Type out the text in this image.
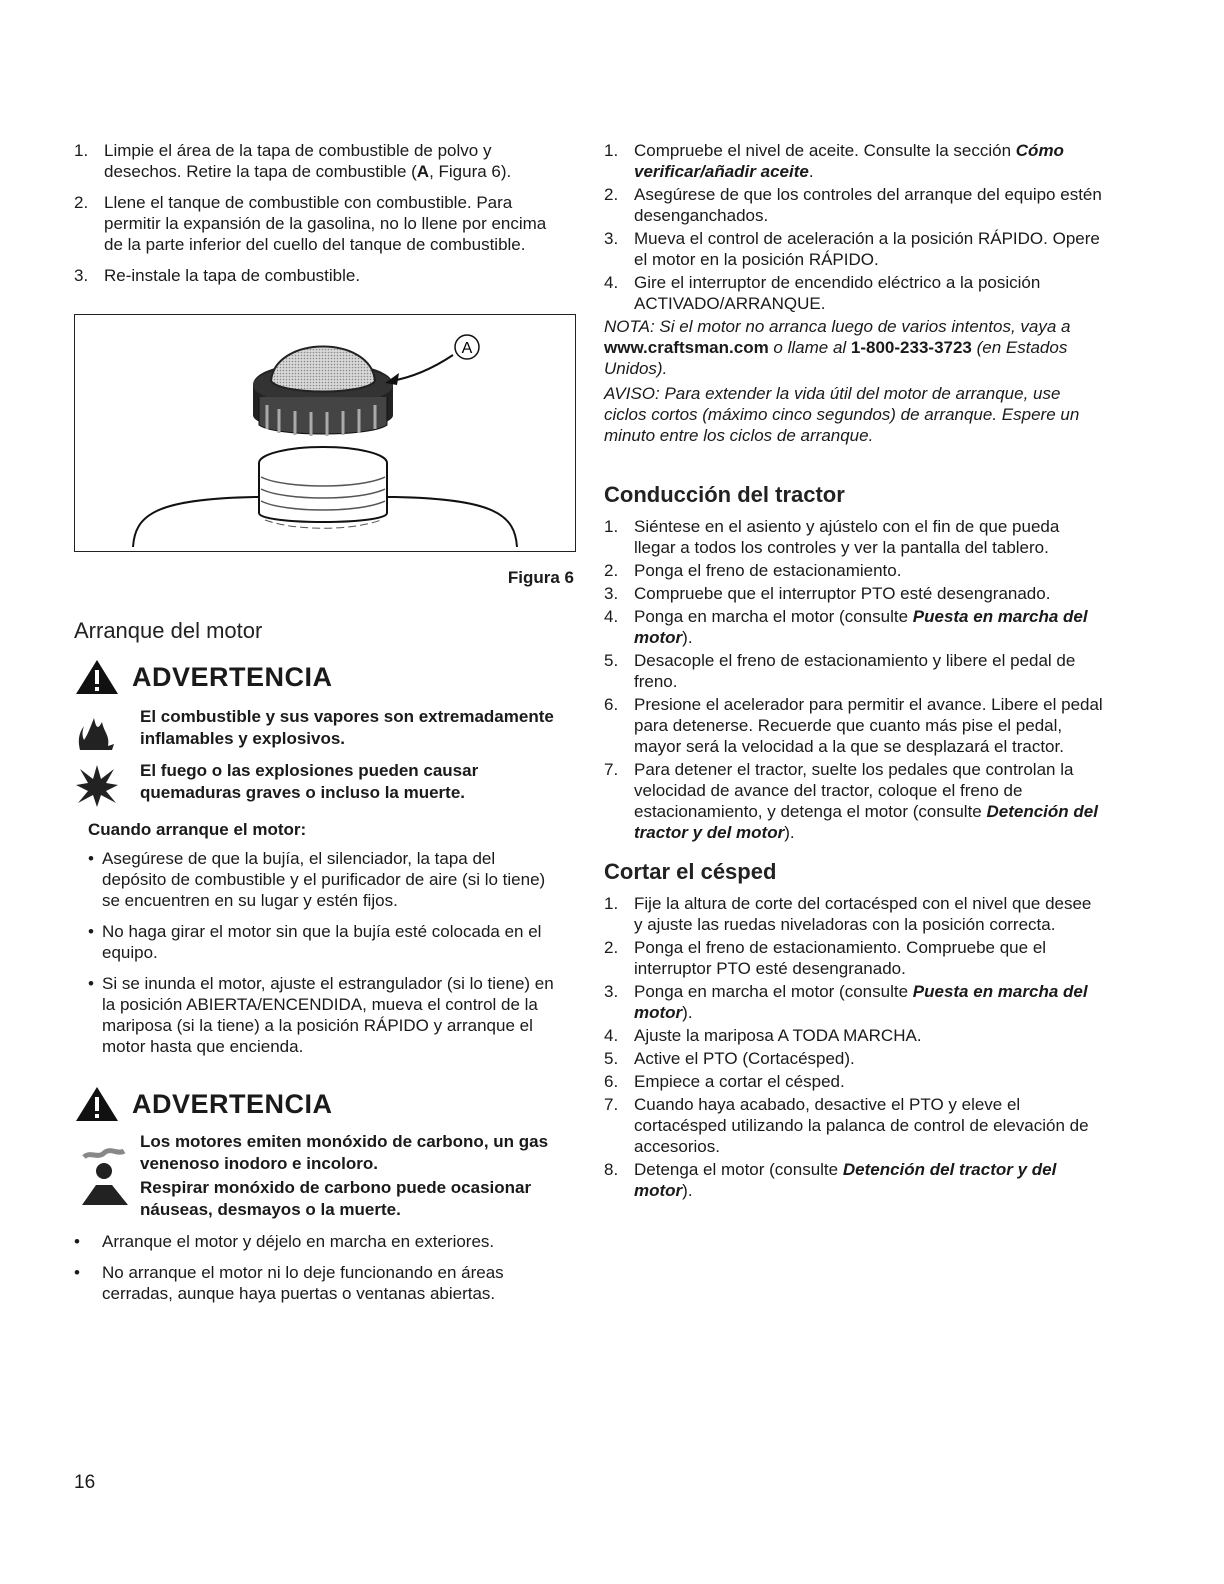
1. Limpie el área de la tapa de combustible de polvo y desechos. Retire la tapa de combustible (A, Figura 6).
2. Llene el tanque de combustible con combustible. Para permitir la expansión de la gasolina, no lo llene por encima de la parte inferior del cuello del tanque de combustible.
3. Re-instale la tapa de combustible.
A
Figura 6
Arranque del motor
ADVERTENCIA

El combustible y sus vapores son extremadamente inflamables y explosivos.
El fuego o las explosiones pueden causar quemaduras graves o incluso la muerte.
Cuando arranque el motor:
• Asegúrese de que la bujía, el silenciador, la tapa del depósito de combustible y el purificador de aire (si lo tiene) se encuentren en su lugar y estén fijos.
• No haga girar el motor sin que la bujía esté colocada en el equipo.
• Si se inunda el motor, ajuste el estrangulador (si lo tiene) en la posición ABIERTA/ENCENDIDA, mueva el control de la mariposa (si la tiene) a la posición RÁPIDO y arranque el motor hasta que encienda.
ADVERTENCIA
Los motores emiten monóxido de carbono, un gas venenoso inodoro e incoloro.
Respirar monóxido de carbono puede ocasionar náuseas, desmayos o la muerte.
•	Arranque el motor y déjelo en marcha en exteriores.
•	No arranque el motor ni lo deje funcionando en áreas cerradas, aunque haya puertas o ventanas abiertas.
1. Compruebe el nivel de aceite. Consulte la sección Cómo verificar/añadir aceite.
2. Asegúrese de que los controles del arranque del equipo estén desenganchados.
3. Mueva el control de aceleración a la posición RÁPIDO. Opere el motor en la posición RÁPIDO.
4. Gire el interruptor de encendido eléctrico a la posición ACTIVADO/ARRANQUE.

NOTA: Si el motor no arranca luego de varios intentos, vaya a www.craftsman.com o llame al 1-800-233-3723 (en Estados Unidos).

AVISO: Para extender la vida útil del motor de arranque, use ciclos cortos (máximo cinco segundos) de arranque. Espere un minuto entre los ciclos de arranque.

Conducción del tractor
1. Siéntese en el asiento y ajústelo con el fin de que pueda llegar a todos los controles y ver la pantalla del tablero.
2. Ponga el freno de estacionamiento.
3. Compruebe que el interruptor PTO esté desengranado.
4. Ponga en marcha el motor (consulte Puesta en marcha del motor).
5. Desacople el freno de estacionamiento y libere el pedal de freno.
6. Presione el acelerador para permitir el avance. Libere el pedal para detenerse. Recuerde que cuanto más pise el pedal, mayor será la velocidad a la que se desplazará el tractor.
7. Para detener el tractor, suelte los pedales que controlan la velocidad de avance del tractor, coloque el freno de estacionamiento, y detenga el motor (consulte Detención del tractor y del motor).
Cortar el césped
1. Fije la altura de corte del cortacésped con el nivel que desee y ajuste las ruedas niveladoras con la posición correcta.
2. Ponga el freno de estacionamiento. Compruebe que el interruptor PTO esté desengranado.
3. Ponga en marcha el motor (consulte Puesta en marcha del motor).
4. Ajuste la mariposa A TODA MARCHA.
5. Active el PTO (Cortacésped).
6. Empiece a cortar el césped.
7. Cuando haya acabado, desactive el PTO y eleve el cortacésped utilizando la palanca de control de elevación de accesorios.
8. Detenga el motor (consulte Detención del tractor y del motor).
16
